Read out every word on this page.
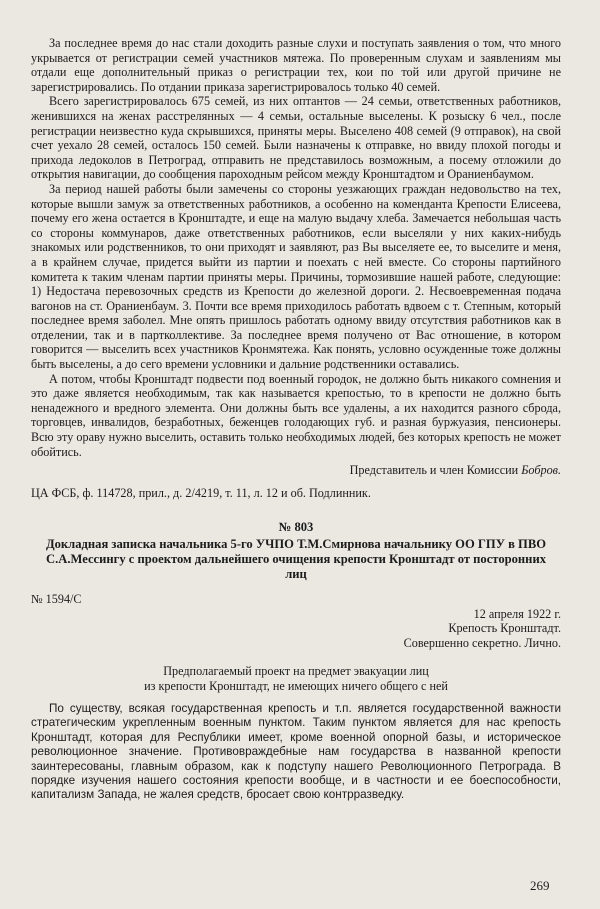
За последнее время до нас стали доходить разные слухи и поступать заявления о том, что много укрывается от регистрации семей участников мятежа. По проверенным слухам и заявлениям мы отдали еще дополнительный приказ о регистрации тех, кои по той или другой причине не зарегистрировались. По отдании приказа зарегистрировалось только 40 семей.

Всего зарегистрировалось 675 семей, из них оптантов — 24 семьи, ответственных работников, женившихся на женах расстрелянных — 4 семьи, остальные выселены. К розыску 6 чел., после регистрации неизвестно куда скрывшихся, приняты меры. Выселено 408 семей (9 отправок), на свой счет уехало 28 семей, осталось 150 семей. Были назначены к отправке, но ввиду плохой погоды и прихода ледоколов в Петроград, отправить не представилось возможным, а посему отложили до открытия навигации, до сообщения пароходным рейсом между Кронштадтом и Ораниенбаумом.

За период нашей работы были замечены со стороны уезжающих граждан недовольство на тех, которые вышли замуж за ответственных работников, а особенно на коменданта Крепости Елисеева, почему его жена остается в Кронштадте, и еще на малую выдачу хлеба. Замечается небольшая часть со стороны коммунаров, даже ответственных работников, если выселяли у них каких-нибудь знакомых или родственников, то они приходят и заявляют, раз Вы выселяете ее, то выселите и меня, а в крайнем случае, придется выйти из партии и поехать с ней вместе. Со стороны партийного комитета к таким членам партии приняты меры. Причины, тормозившие нашей работе, следующие: 1) Недостача перевозочных средств из Крепости до железной дороги. 2. Несвоевременная подача вагонов на ст. Ораниенбаум. 3. Почти все время приходилось работать вдвоем с т. Степным, который последнее время заболел. Мне опять пришлось работать одному ввиду отсутствия работников как в отделении, так и в партколлективе. За последнее время получено от Вас отношение, в котором говорится — выселить всех участников Кронмятежа. Как понять, условно осужденные тоже должны быть выселены, а до сего времени условники и дальние родственники оставались.

А потом, чтобы Кронштадт подвести под военный городок, не должно быть никакого сомнения и это даже является необходимым, так как называется крепостью, то в крепости не должно быть ненадежного и вредного элемента. Они должны быть все удалены, а их находится разного сброда, торговцев, инвалидов, безработных, беженцев голодающих губ. и разная буржуазия, пенсионеры. Всю эту ораву нужно выселить, оставить только необходимых людей, без которых крепость не может обойтись.

Представитель и член Комиссии Бобров.
ЦА ФСБ, ф. 114728, прил., д. 2/4219, т. 11, л. 12 и об. Подлинник.
№ 803
Докладная записка начальника 5-го УЧПО Т.М.Смирнова начальнику ОО ГПУ в ПВО С.А.Мессингу с проектом дальнейшего очищения крепости Кронштадт от посторонних лиц
№ 1594/С
12 апреля 1922 г.
Крепость Кронштадт.
Совершенно секретно. Лично.
Предполагаемый проект на предмет эвакуации лиц
из крепости Кронштадт, не имеющих ничего общего с ней

По существу, всякая государственная крепость и т.п. является государственной важности стратегическим укрепленным военным пунктом. Таким пунктом является для нас крепость Кронштадт, которая для Республики имеет, кроме военной опорной базы, и историческое революционное значение. Противовраждебные нам государства в названной крепости заинтересованы, главным образом, как к подступу нашего Революционного Петрограда. В порядке изучения нашего состояния крепости вообще, и в частности и ее боеспособности, капитализм Запада, не жалея средств, бросает свою контрразведку.

269
